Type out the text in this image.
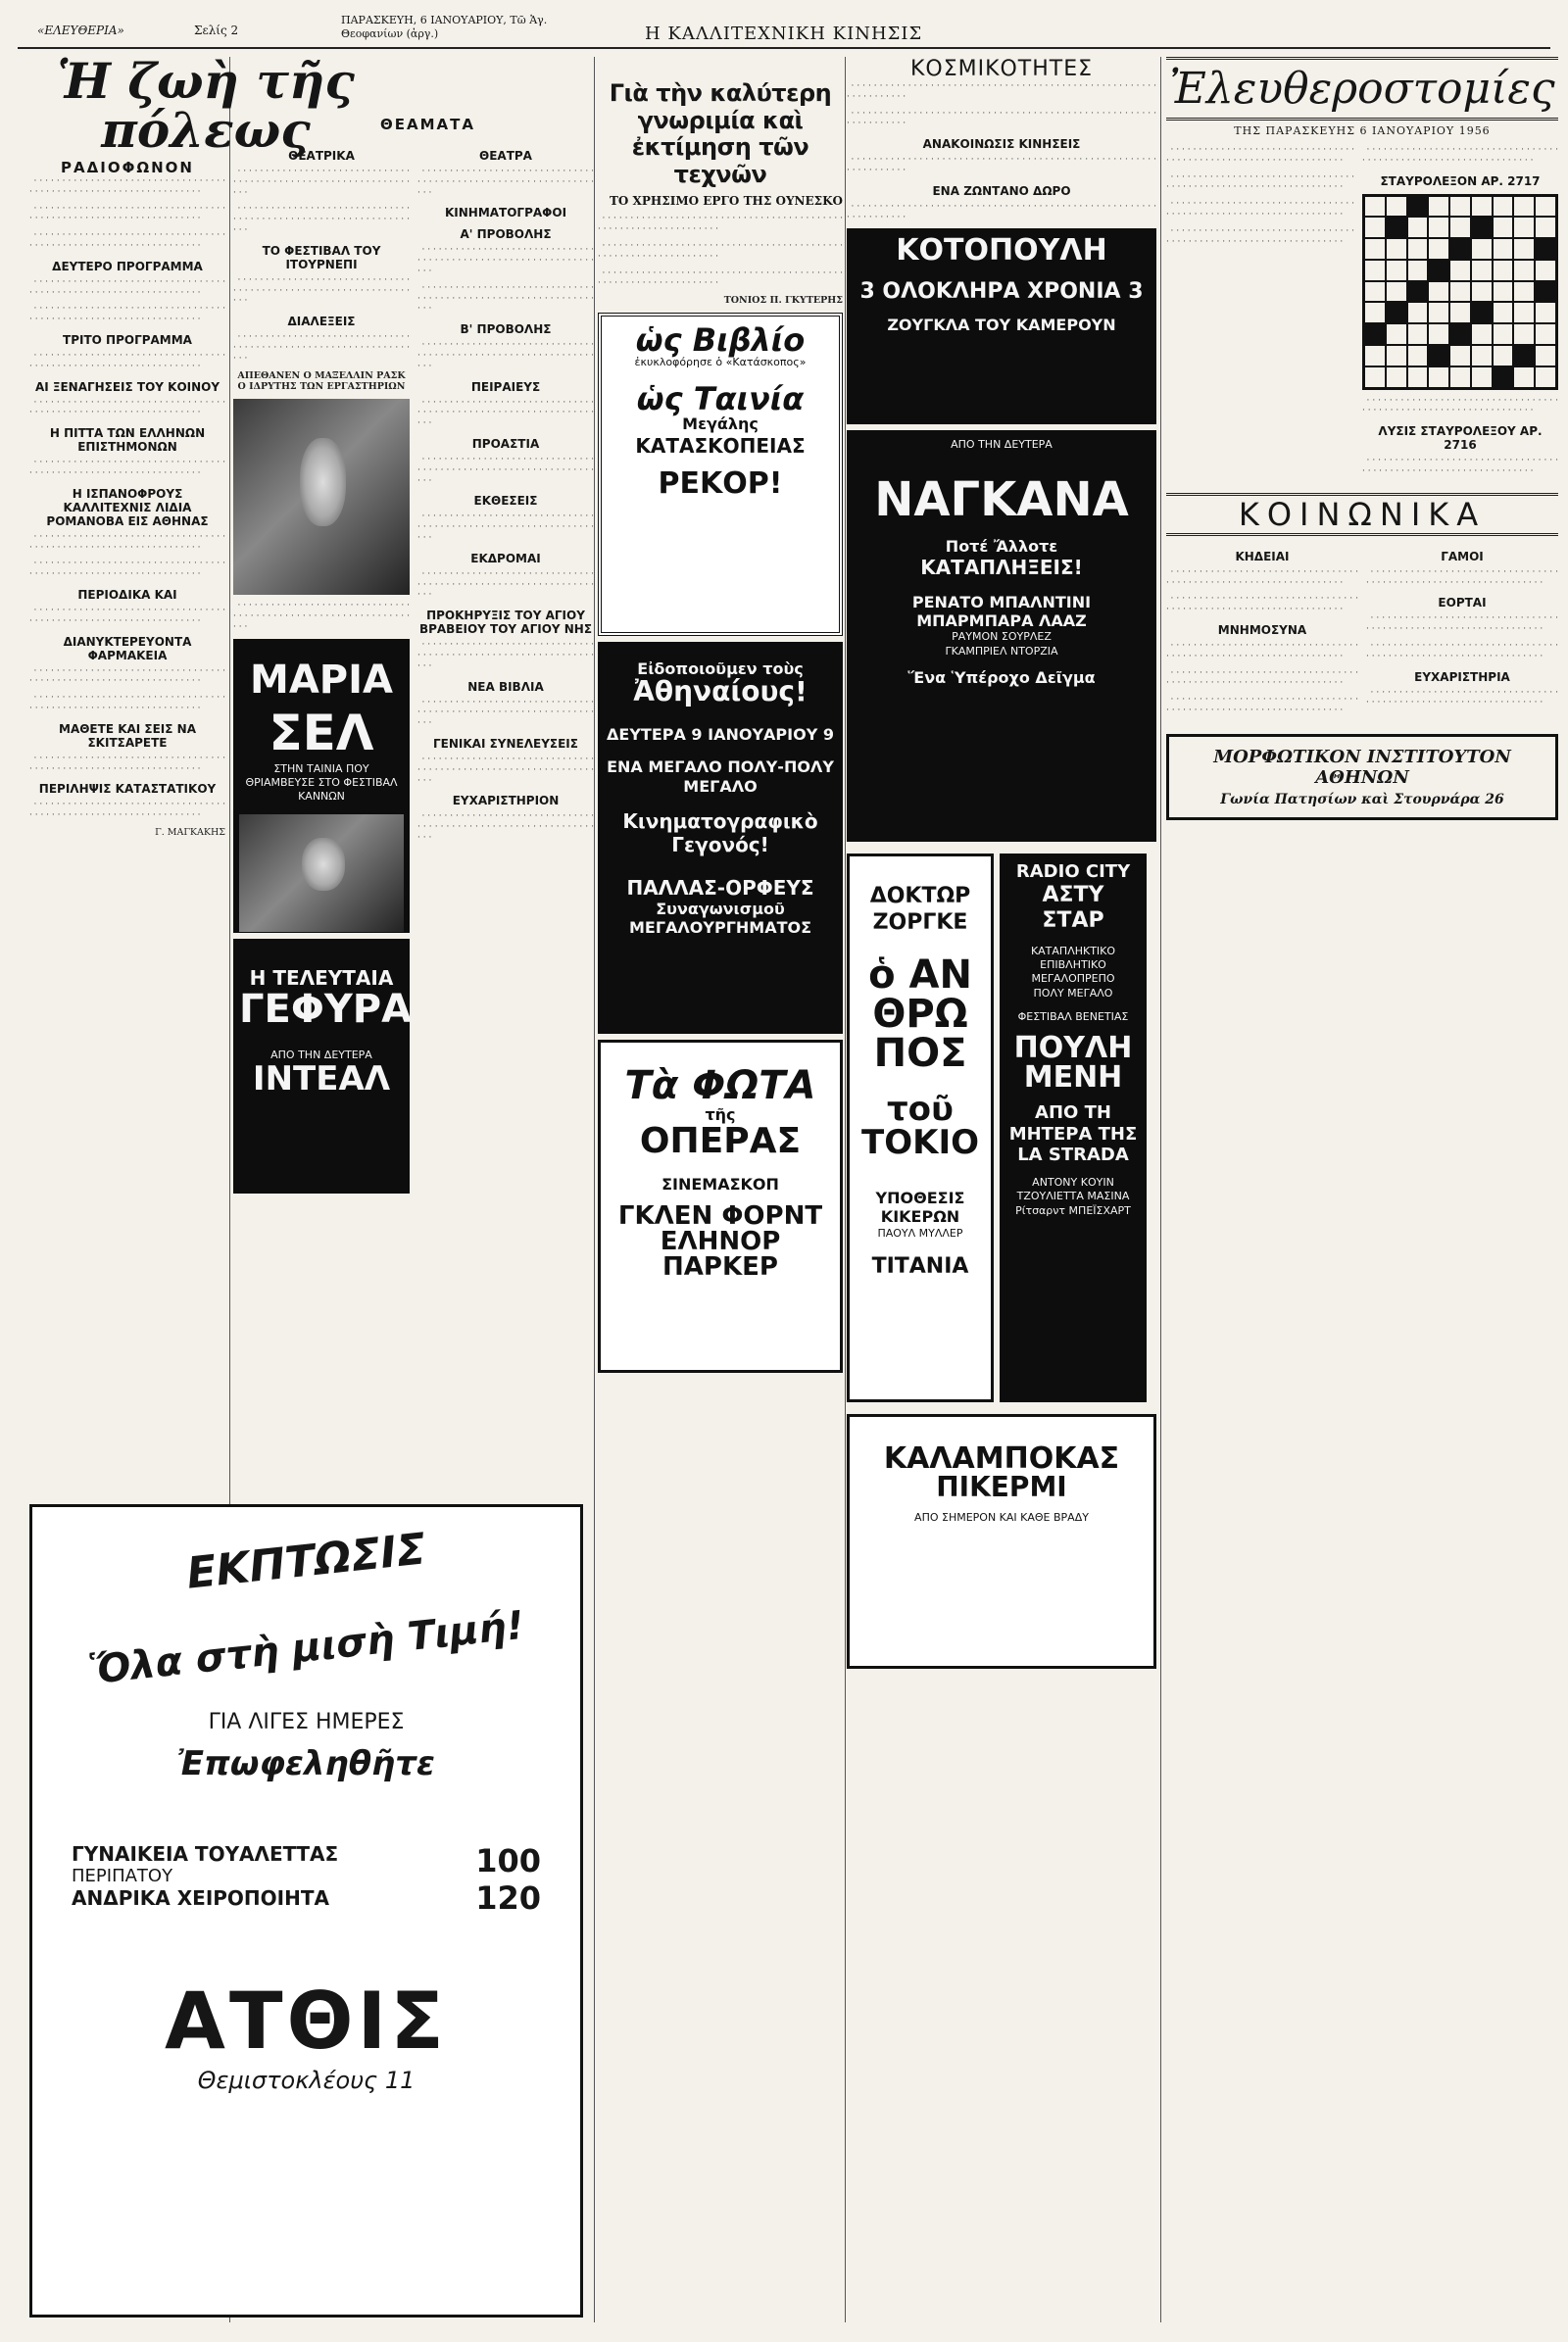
«ΕΛΕΥΘΕΡΙΑ»	Σελίς 2
ΠΑΡΑΣΚΕΥΗ, 6 ΙΑΝΟΥΑΡΙΟΥ, Τῶ Ἁγ. Θεοφανίων (ἀργ.)	Η ΚΑΛΛΙΤΕΧΝΙΚΗ ΚΙΝΗΣΙΣ
Ἡ ζωὴ τῆς πόλεως
ΡΑΔΙΟΦΩΝΟΝ

· · · · · · · · · · · · · · · · · · · · · · · · · · · · · · · · · · · · · · · · · · · · · · · · · · · · · · · · · · · · · · · · ·

· · · · · · · · · · · · · · · · · · · · · · · · · · · · · · · · · · · · · · · · · · · · · · · · · · · · · · · · · · · · · · · · ·

· · · · · · · · · · · · · · · · · · · · · · · · · · · · · · · · · · · · · · · · · · · · · · · · · · · · · · · · · · · · · · · · ·

ΔΕΥΤΕΡΟ ΠΡΟΓΡΑΜΜΑ

· · · · · · · · · · · · · · · · · · · · · · · · · · · · · · · · · · · · · · · · · · · · · · · · · · · · · · · · · · · · · · · · ·

· · · · · · · · · · · · · · · · · · · · · · · · · · · · · · · · · · · · · · · · · · · · · · · · · · · · · · · · · · · · · · · · ·

ΤΡΙΤΟ ΠΡΟΓΡΑΜΜΑ

· · · · · · · · · · · · · · · · · · · · · · · · · · · · · · · · · · · · · · · · · · · · · · · · · · · · · · · · · · · · · · · · ·

ΑΙ ΞΕΝΑΓΗΣΕΙΣ ΤΟΥ ΚΟΙΝΟΥ

· · · · · · · · · · · · · · · · · · · · · · · · · · · · · · · · · · · · · · · · · · · · · · · · · · · · · · · · · · · · · · · · ·

Η ΠΙΤΤΑ ΤΩΝ ΕΛΛΗΝΩΝ ΕΠΙΣΤΗΜΟΝΩΝ

· · · · · · · · · · · · · · · · · · · · · · · · · · · · · · · · · · · · · · · · · · · · · · · · · · · · · · · · · · · · · · · · ·

Η ΙΣΠΑΝΟΦΡΟΥΣ ΚΑΛΛΙΤΕΧΝΙΣ ΛΙΔΙΑ ΡΟΜΑΝΟΒΑ ΕΙΣ ΑΘΗΝΑΣ

· · · · · · · · · · · · · · · · · · · · · · · · · · · · · · · · · · · · · · · · · · · · · · · · · · · · · · · · · · · · · · · · ·

· · · · · · · · · · · · · · · · · · · · · · · · · · · · · · · · · · · · · · · · · · · · · · · · · · · · · · · · · · · · · · · · ·

ΠΕΡΙΟΔΙΚΑ ΚΑΙ

· · · · · · · · · · · · · · · · · · · · · · · · · · · · · · · · · · · · · · · · · · · · · · · · · · · · · · · · · · · · · · · · ·

ΔΙΑΝΥΚΤΕΡΕΥΟΝΤΑ ΦΑΡΜΑΚΕΙΑ

· · · · · · · · · · · · · · · · · · · · · · · · · · · · · · · · · · · · · · · · · · · · · · · · · · · · · · · · · · · · · · · · ·

· · · · · · · · · · · · · · · · · · · · · · · · · · · · · · · · · · · · · · · · · · · · · · · · · · · · · · · · · · · · · · · · ·

ΜΑΘΕΤΕ ΚΑΙ ΣΕΙΣ ΝΑ ΣΚΙΤΣΑΡΕΤΕ

· · · · · · · · · · · · · · · · · · · · · · · · · · · · · · · · · · · · · · · · · · · · · · · · · · · · · · · · · · · · · · · · ·

ΠΕΡΙΛΗΨΙΣ ΚΑΤΑΣΤΑΤΙΚΟΥ

· · · · · · · · · · · · · · · · · · · · · · · · · · · · · · · · · · · · · · · · · · · · · · · · · · · · · · · · · · · · · · · · ·

Γ. ΜΑΓΚΑΚΗΣ
ΘΕΑΜΑΤΑ
ΘΕΑΤΡΙΚΑ

· · · · · · · · · · · · · · · · · · · · · · · · · · · · · · · · · · · · · · · · · · · · · · · · · · · · · · · · · · · · · · · · ·

· · · · · · · · · · · · · · · · · · · · · · · · · · · · · · · · · · · · · · · · · · · · · · · · · · · · · · · · · · · · · · · · ·

ΤΟ ΦΕΣΤΙΒΑΛ ΤΟΥ ΙΤΟΥΡΝΕΠΙ

· · · · · · · · · · · · · · · · · · · · · · · · · · · · · · · · · · · · · · · · · · · · · · · · · · · · · · · · · · · · · · · · ·

ΔΙΑΛΕΞΕΙΣ

· · · · · · · · · · · · · · · · · · · · · · · · · · · · · · · · · · · · · · · · · · · · · · · · · · · · · · · · · · · · · · · · ·

ΑΠΕΘΑΝΕΝ Ο ΜΑΞΕΛΛΙΝ ΡΑΣΚ Ο ΙΔΡΥΤΗΣ ΤΩΝ ΕΡΓΑΣΤΗΡΙΩΝ

· · · · · · · · · · · · · · · · · · · · · · · · · · · · · · · · · · · · · · · · · · · · · · · · · · · · · · · · · · · · · · · · ·

ΜΑΡΙΑ
ΣΕΛ
ΣΤΗΝ ΤΑΙΝΙΑ ΠΟΥ ΘΡΙΑΜΒΕΥΣΕ ΣΤΟ ΦΕΣΤΙΒΑΛ ΚΑΝΝΩΝ
Η ΤΕΛΕΥΤΑΙΑ
ΓΕΦΥΡΑ
ΑΠΟ ΤΗΝ ΔΕΥΤΕΡΑ
ΙΝΤΕΑΛ
ΘΕΑΤΡΑ

· · · · · · · · · · · · · · · · · · · · · · · · · · · · · · · · · · · · · · · · · · · · · · · · · · · · · · · · · · · · · · · · ·

ΚΙΝΗΜΑΤΟΓΡΑΦΟΙ
Α' ΠΡΟΒΟΛΗΣ

· · · · · · · · · · · · · · · · · · · · · · · · · · · · · · · · · · · · · · · · · · · · · · · · · · · · · · · · · · · · · · · · ·

· · · · · · · · · · · · · · · · · · · · · · · · · · · · · · · · · · · · · · · · · · · · · · · · · · · · · · · · · · · · · · · · ·

Β' ΠΡΟΒΟΛΗΣ

· · · · · · · · · · · · · · · · · · · · · · · · · · · · · · · · · · · · · · · · · · · · · · · · · · · · · · · · · · · · · · · · ·

ΠΕΙΡΑΙΕΥΣ

· · · · · · · · · · · · · · · · · · · · · · · · · · · · · · · · · · · · · · · · · · · · · · · · · · · · · · · · · · · · · · · · ·

ΠΡΟΑΣΤΙΑ

· · · · · · · · · · · · · · · · · · · · · · · · · · · · · · · · · · · · · · · · · · · · · · · · · · · · · · · · · · · · · · · · ·

ΕΚΘΕΣΕΙΣ

· · · · · · · · · · · · · · · · · · · · · · · · · · · · · · · · · · · · · · · · · · · · · · · · · · · · · · · · · · · · · · · · ·

ΕΚΔΡΟΜΑΙ

· · · · · · · · · · · · · · · · · · · · · · · · · · · · · · · · · · · · · · · · · · · · · · · · · · · · · · · · · · · · · · · · ·

ΠΡΟΚΗΡΥΞΙΣ ΤΟΥ ΑΓΙΟΥ ΒΡΑΒΕΙΟΥ ΤΟΥ ΑΓΙΟΥ ΝΗΣ

· · · · · · · · · · · · · · · · · · · · · · · · · · · · · · · · · · · · · · · · · · · · · · · · · · · · · · · · · · · · · · · · ·

ΝΕΑ ΒΙΒΛΙΑ

· · · · · · · · · · · · · · · · · · · · · · · · · · · · · · · · · · · · · · · · · · · · · · · · · · · · · · · · · · · · · · · · ·

ΓΕΝΙΚΑΙ ΣΥΝΕΛΕΥΣΕΙΣ

· · · · · · · · · · · · · · · · · · · · · · · · · · · · · · · · · · · · · · · · · · · · · · · · · · · · · · · · · · · · · · · · ·

ΕΥΧΑΡΙΣΤΗΡΙΟΝ

· · · · · · · · · · · · · · · · · · · · · · · · · · · · · · · · · · · · · · · · · · · · · · · · · · · · · · · · · · · · · · · · ·

Γιὰ τὴν καλύτερη γνωριμία καὶ ἐκτίμηση τῶν τεχνῶν
ΤΟ ΧΡΗΣΙΜΟ ΕΡΓΟ ΤΗΣ ΟΥΝΕΣΚΟ

· · · · · · · · · · · · · · · · · · · · · · · · · · · · · · · · · · · · · · · · · · · · · · · · · · · · · · · · · · · · · · · · ·

· · · · · · · · · · · · · · · · · · · · · · · · · · · · · · · · · · · · · · · · · · · · · · · · · · · · · · · · · · · · · · · · ·

· · · · · · · · · · · · · · · · · · · · · · · · · · · · · · · · · · · · · · · · · · · · · · · · · · · · · · · · · · · · · · · · ·

ΤΟΝΙΟΣ Π. ΓΚΥΤΕΡΗΣ
ὡς Βιβλίο
ἐκυκλοφόρησε ὁ «Κατάσκοπος»
ὡς Ταινία
Μεγάλης
ΚΑΤΑΣΚΟΠΕΙΑΣ
ΡΕΚΟΡ!
Εἰδοποιοῦμεν τοὺς
Ἀθηναίους!
ΔΕΥΤΕΡΑ 9 ΙΑΝΟΥΑΡΙΟΥ 9
ΕΝΑ ΜΕΓΑΛΟ ΠΟΛΥ-ΠΟΛΥ ΜΕΓΑΛΟ
Κινηματογραφικὸ Γεγονός!
ΠΑΛΛΑΣ-ΟΡΦΕΥΣ
Συναγωνισμοῦ
ΜΕΓΑΛΟΥΡΓΗΜΑΤΟΣ
Τὰ ΦΩΤΑ
τῆς
ΟΠΕΡΑΣ
ΣΙΝΕΜΑΣΚΟΠ
ΓΚΛΕΝ ΦΟΡΝΤ
ΕΛΗΝΟΡ ΠΑΡΚΕΡ
ΚΟΣΜΙΚΟΤΗΤΕΣ

· · · · · · · · · · · · · · · · · · · · · · · · · · · · · · · · · · · · · · · · · · · · · · · · · · · · · · · · · · · · · · · · ·

· · · · · · · · · · · · · · · · · · · · · · · · · · · · · · · · · · · · · · · · · · · · · · · · · · · · · · · · · · · · · · · · ·

ΑΝΑΚΟΙΝΩΣΙΣ ΚΙΝΗΣΕΙΣ

· · · · · · · · · · · · · · · · · · · · · · · · · · · · · · · · · · · · · · · · · · · · · · · · · · · · · · · · · · · · · · · · ·

ΕΝΑ ΖΩΝΤΑΝΟ ΔΩΡΟ

· · · · · · · · · · · · · · · · · · · · · · · · · · · · · · · · · · · · · · · · · · · · · · · · · · · · · · · · · · · · · · · · ·

ΚΟΤΟΠΟΥΛΗ
3 ΟΛΟΚΛΗΡΑ ΧΡΟΝΙΑ 3
ΖΟΥΓΚΛΑ ΤΟΥ ΚΑΜΕΡΟΥΝ
ΑΠΟ ΤΗΝ ΔΕΥΤΕΡΑ
ΝΑΓΚΑΝΑ
Ποτέ Ἄλλοτε
ΚΑΤΑΠΛΗΞΕΙΣ!
ΡΕΝΑΤΟ ΜΠΑΛΝΤΙΝΙ
ΜΠΑΡΜΠΑΡΑ ΛΑΑΖ
ΡΑΥΜΟΝ ΣΟΥΡΛΕΖ
ΓΚΑΜΠΡΙΕΛ ΝΤΟΡΖΙΑ
Ἕνα Ὑπέροχο Δεῖγμα
ΔΟΚΤΩΡ ΖΟΡΓΚΕ
ὁ ΑΝ ΘΡΩ ΠΟΣ
τοῦ ΤΟΚΙΟ
ΥΠΟΘΕΣΙΣ ΚΙΚΕΡΩΝ
ΠΑΟΥΛ ΜΥΛΛΕΡ
ΤΙΤΑΝΙΑ
RADIO CITY
ΑΣΤΥ
ΣΤΑΡ
ΚΑΤΑΠΛΗΚΤΙΚΟ
ΕΠΙΒΛΗΤΙΚΟ
ΜΕΓΑΛΟΠΡΕΠΟ
ΠΟΛΥ ΜΕΓΑΛΟ
ΦΕΣΤΙΒΑΛ ΒΕΝΕΤΙΑΣ
ΠΟΥΛΗ ΜΕΝΗ
ΑΠΟ ΤΗ ΜΗΤΕΡΑ ΤΗΣ LA STRADA
ΑΝΤΟΝΥ ΚΟΥΙΝ
ΤΖΟΥΛΙΕΤΤΑ ΜΑΣΙΝΑ
Ρίτσαρντ ΜΠΕΪΣΧΑΡΤ
ΚΑΛΑΜΠΟΚΑΣ
ΠΙΚΕΡΜΙ
ΑΠΟ ΣΗΜΕΡΟΝ ΚΑΙ ΚΑΘΕ ΒΡΑΔΥ
Ἐλευθεροστομίες
ΤΗΣ ΠΑΡΑΣΚΕΥΗΣ 6 ΙΑΝΟΥΑΡΙΟΥ 1956

· · · · · · · · · · · · · · · · · · · · · · · · · · · · · · · · · · · · · · · · · · · · · · · · · · · · · · · · · · · · · · · · ·

· · · · · · · · · · · · · · · · · · · · · · · · · · · · · · · · · · · · · · · · · · · · · · · · · · · · · · · · · · · · · · · · ·

· · · · · · · · · · · · · · · · · · · · · · · · · · · · · · · · · · · · · · · · · · · · · · · · · · · · · · · · · · · · · · · · ·

· · · · · · · · · · · · · · · · · · · · · · · · · · · · · · · · · · · · · · · · · · · · · · · · · · · · · · · · · · · · · · · · ·

· · · · · · · · · · · · · · · · · · · · · · · · · · · · · · · · · · · · · · · · · · · · · · · · · · · · · · · · · · · · · · · · ·

ΣΤΑΥΡΟΛΕΞΟΝ ΑΡ. 2717

· · · · · · · · · · · · · · · · · · · · · · · · · · · · · · · · · · · · · · · · · · · · · · · · · · · · · · · · · · · · · · · · ·

ΛΥΣΙΣ ΣΤΑΥΡΟΛΕΞΟΥ ΑΡ. 2716

· · · · · · · · · · · · · · · · · · · · · · · · · · · · · · · · · · · · · · · · · · · · · · · · · · · · · · · · · · · · · · · · ·

ΚΟΙΝΩΝΙΚΑ
ΚΗΔΕΙΑΙ

· · · · · · · · · · · · · · · · · · · · · · · · · · · · · · · · · · · · · · · · · · · · · · · · · · · · · · · · · · · · · · · · ·

· · · · · · · · · · · · · · · · · · · · · · · · · · · · · · · · · · · · · · · · · · · · · · · · · · · · · · · · · · · · · · · · ·

ΜΝΗΜΟΣΥΝΑ

· · · · · · · · · · · · · · · · · · · · · · · · · · · · · · · · · · · · · · · · · · · · · · · · · · · · · · · · · · · · · · · · ·

· · · · · · · · · · · · · · · · · · · · · · · · · · · · · · · · · · · · · · · · · · · · · · · · · · · · · · · · · · · · · · · · ·

· · · · · · · · · · · · · · · · · · · · · · · · · · · · · · · · · · · · · · · · · · · · · · · · · · · · · · · · · · · · · · · · ·

ΓΑΜΟΙ

· · · · · · · · · · · · · · · · · · · · · · · · · · · · · · · · · · · · · · · · · · · · · · · · · · · · · · · · · · · · · · · · ·

ΕΟΡΤΑΙ

· · · · · · · · · · · · · · · · · · · · · · · · · · · · · · · · · · · · · · · · · · · · · · · · · · · · · · · · · · · · · · · · ·

· · · · · · · · · · · · · · · · · · · · · · · · · · · · · · · · · · · · · · · · · · · · · · · · · · · · · · · · · · · · · · · · ·

ΕΥΧΑΡΙΣΤΗΡΙΑ

· · · · · · · · · · · · · · · · · · · · · · · · · · · · · · · · · · · · · · · · · · · · · · · · · · · · · · · · · · · · · · · · ·

ΜΟΡΦΩΤΙΚΟΝ ΙΝΣΤΙΤΟΥΤΟΝ ΑΘΗΝΩΝ
Γωνία Πατησίων καὶ Στουρνάρα 26
ΕΚΠΤΩΣΙΣ
Ὅλα στὴ μισὴ Τιμή!
ΓΙΑ ΛΙΓΕΣ ΗΜΕΡΕΣ
Ἐπωφεληθῆτε
ΓΥΝΑΙΚΕΙΑ ΤΟΥΑΛΕΤΤΑΣ
ΠΕΡΙΠΑΤΟΥ
ΑΝΔΡΙΚΑ ΧΕΙΡΟΠΟΙΗΤΑ
100
120
ΑΤΘΙΣ
Θεμιστοκλέους 11
